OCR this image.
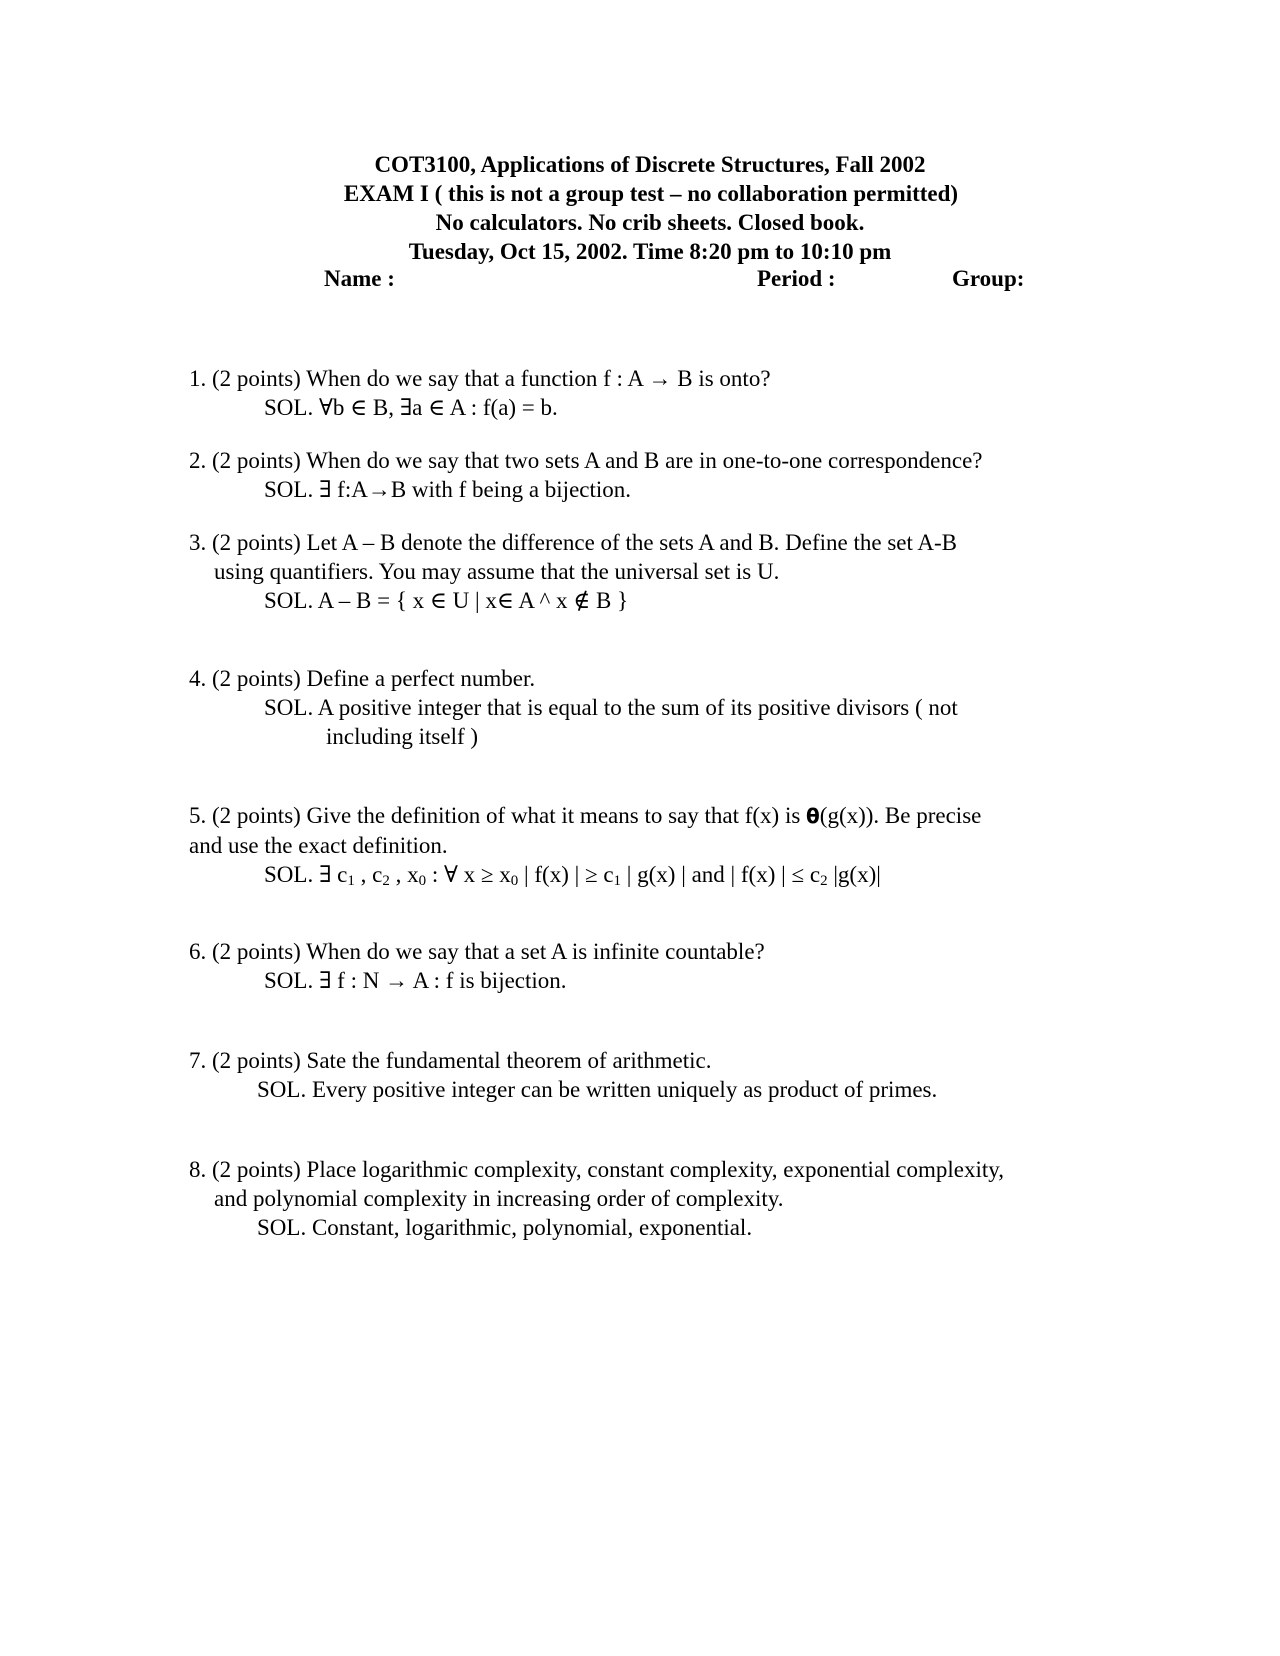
COT3100, Applications of Discrete Structures, Fall 2002
EXAM I ( this is not a group test – no collaboration permitted)
No calculators. No crib sheets. Closed book.
Tuesday, Oct 15, 2002. Time 8:20 pm to 10:10 pm
Name :	Period :	Group:
1. (2 points) When do we say that a function f : A → B is onto?
SOL. ∀b ∈ B, ∃a ∈ A : f(a) = b.
2. (2 points) When do we say that two sets A and B are in one-to-one correspondence?
SOL. ∃ f:A→B with f being a bijection.
3. (2 points) Let A – B denote the difference of the sets A and B. Define the set A-B
using quantifiers. You may assume that the universal set is U.
SOL. A – B = { x ∈ U | x∈ A ^ x ∉ B }
4. (2 points) Define a perfect number.
SOL. A positive integer that is equal to the sum of its positive divisors ( not
including itself )
5. (2 points) Give the definition of what it means to say that f(x) is θ(g(x)). Be precise
and use the exact definition.
SOL. ∃ $c_1$ , $c_2$ , $x_0$ : ∀ $x \ge x_0$ | f(x) | ≥ $c_1$ | g(x) | and | f(x) | ≤ $c_2$ |g(x)|
6. (2 points) When do we say that a set A is infinite countable?
SOL. ∃ f : N → A : f is bijection.
7. (2 points) Sate the fundamental theorem of arithmetic.
SOL. Every positive integer can be written uniquely as product of primes.
8. (2 points) Place logarithmic complexity, constant complexity, exponential complexity,
and polynomial complexity in increasing order of complexity.
SOL. Constant, logarithmic, polynomial, exponential.
